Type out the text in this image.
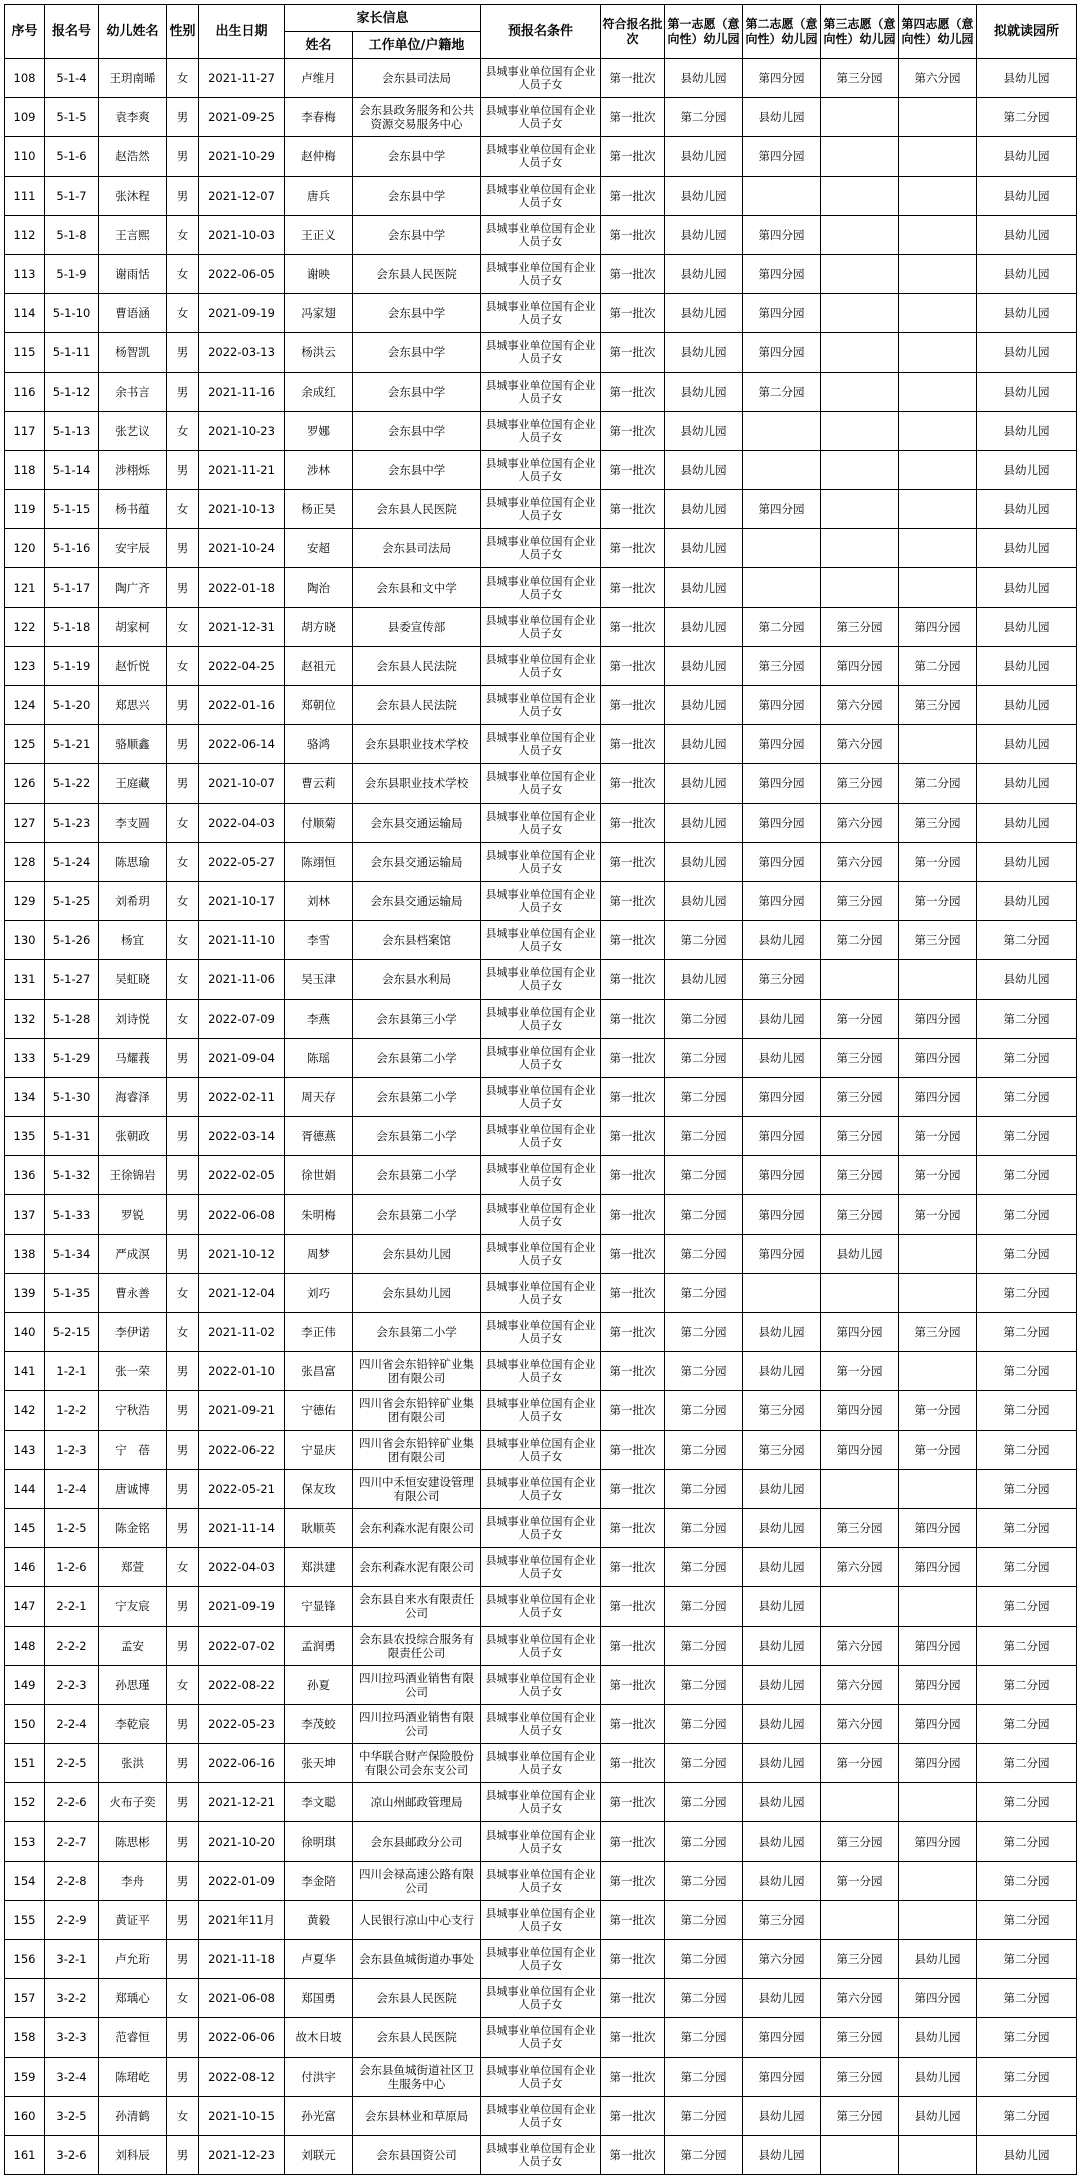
序号	报名号	幼儿姓名	性别	出生日期	家长信息		预报名条件	符合报名批次	第一志愿（意向性）幼儿园	第二志愿（意向性）幼儿园	第三志愿（意向性）幼儿园	第四志愿（意向性）幼儿园	拟就读园所
					姓名	工作单位/户籍地							
108	5-1-4	王玥南晞	女	2021-11-27	卢维月	会东县司法局	县城事业单位国有企业人员子女	第一批次	县幼儿园	第四分园	第三分园	第六分园	县幼儿园
109	5-1-5	袁李爽	男	2021-09-25	李春梅	会东县政务服务和公共资源交易服务中心	县城事业单位国有企业人员子女	第一批次	第二分园	县幼儿园			第二分园
110	5-1-6	赵浩然	男	2021-10-29	赵仲梅	会东县中学	县城事业单位国有企业人员子女	第一批次	县幼儿园	第四分园			县幼儿园
111	5-1-7	张沐程	男	2021-12-07	唐兵	会东县中学	县城事业单位国有企业人员子女	第一批次	县幼儿园				县幼儿园
112	5-1-8	王言熙	女	2021-10-03	王正义	会东县中学	县城事业单位国有企业人员子女	第一批次	县幼儿园	第四分园			县幼儿园
113	5-1-9	谢雨恬	女	2022-06-05	谢映	会东县人民医院	县城事业单位国有企业人员子女	第一批次	县幼儿园	第四分园			县幼儿园
114	5-1-10	曹语涵	女	2021-09-19	冯家翅	会东县中学	县城事业单位国有企业人员子女	第一批次	县幼儿园	第四分园			县幼儿园
115	5-1-11	杨智凯	男	2022-03-13	杨洪云	会东县中学	县城事业单位国有企业人员子女	第一批次	县幼儿园	第四分园			县幼儿园
116	5-1-12	余书言	男	2021-11-16	余成红	会东县中学	县城事业单位国有企业人员子女	第一批次	县幼儿园	第二分园			县幼儿园
117	5-1-13	张艺议	女	2021-10-23	罗娜	会东县中学	县城事业单位国有企业人员子女	第一批次	县幼儿园				县幼儿园
118	5-1-14	涉栩烁	男	2021-11-21	涉林	会东县中学	县城事业单位国有企业人员子女	第一批次	县幼儿园				县幼儿园
119	5-1-15	杨书蕴	女	2021-10-13	杨正昊	会东县人民医院	县城事业单位国有企业人员子女	第一批次	县幼儿园	第四分园			县幼儿园
120	5-1-16	安宇辰	男	2021-10-24	安超	会东县司法局	县城事业单位国有企业人员子女	第一批次	县幼儿园				县幼儿园
121	5-1-17	陶广齐	男	2022-01-18	陶治	会东县和文中学	县城事业单位国有企业人员子女	第一批次	县幼儿园				县幼儿园
122	5-1-18	胡家柯	女	2021-12-31	胡方晓	县委宣传部	县城事业单位国有企业人员子女	第一批次	县幼儿园	第二分园	第三分园	第四分园	县幼儿园
123	5-1-19	赵忻悦	女	2022-04-25	赵祖元	会东县人民法院	县城事业单位国有企业人员子女	第一批次	县幼儿园	第三分园	第四分园	第二分园	县幼儿园
124	5-1-20	郑思兴	男	2022-01-16	郑朝位	会东县人民法院	县城事业单位国有企业人员子女	第一批次	县幼儿园	第四分园	第六分园	第三分园	县幼儿园
125	5-1-21	骆顺鑫	男	2022-06-14	骆鸿	会东县职业技术学校	县城事业单位国有企业人员子女	第一批次	县幼儿园	第四分园	第六分园		县幼儿园
126	5-1-22	王庭藏	男	2021-10-07	曹云莉	会东县职业技术学校	县城事业单位国有企业人员子女	第一批次	县幼儿园	第四分园	第三分园	第二分园	县幼儿园
127	5-1-23	李支圆	女	2022-04-03	付顺菊	会东县交通运输局	县城事业单位国有企业人员子女	第一批次	县幼儿园	第四分园	第六分园	第三分园	县幼儿园
128	5-1-24	陈思瑜	女	2022-05-27	陈翊恒	会东县交通运输局	县城事业单位国有企业人员子女	第一批次	县幼儿园	第四分园	第六分园	第一分园	县幼儿园
129	5-1-25	刘希玥	女	2021-10-17	刘林	会东县交通运输局	县城事业单位国有企业人员子女	第一批次	县幼儿园	第四分园	第三分园	第一分园	县幼儿园
130	5-1-26	杨宜	女	2021-11-10	李雪	会东县档案馆	县城事业单位国有企业人员子女	第一批次	第二分园	县幼儿园	第二分园	第三分园	第二分园
131	5-1-27	吴虹晓	女	2021-11-06	吴玉津	会东县水利局	县城事业单位国有企业人员子女	第一批次	县幼儿园	第三分园			县幼儿园
132	5-1-28	刘诗悦	女	2022-07-09	李燕	会东县第三小学	县城事业单位国有企业人员子女	第一批次	第二分园	县幼儿园	第一分园	第四分园	第二分园
133	5-1-29	马耀莪	男	2021-09-04	陈瑶	会东县第二小学	县城事业单位国有企业人员子女	第一批次	第二分园	县幼儿园	第三分园	第四分园	第二分园
134	5-1-30	海睿泽	男	2022-02-11	周天存	会东县第二小学	县城事业单位国有企业人员子女	第一批次	第二分园	第四分园	第三分园	第四分园	第二分园
135	5-1-31	张朝政	男	2022-03-14	胥德燕	会东县第二小学	县城事业单位国有企业人员子女	第一批次	第二分园	第四分园	第三分园	第一分园	第二分园
136	5-1-32	王徐锦岩	男	2022-02-05	徐世娟	会东县第二小学	县城事业单位国有企业人员子女	第一批次	第二分园	第四分园	第三分园	第一分园	第二分园
137	5-1-33	罗锐	男	2022-06-08	朱明梅	会东县第二小学	县城事业单位国有企业人员子女	第一批次	第二分园	第四分园	第三分园	第一分园	第二分园
138	5-1-34	严成溟	男	2021-10-12	周梦	会东县幼儿园	县城事业单位国有企业人员子女	第一批次	第二分园	第四分园	县幼儿园		第二分园
139	5-1-35	曹永善	女	2021-12-04	刘巧	会东县幼儿园	县城事业单位国有企业人员子女	第一批次	第二分园				第二分园
140	5-2-15	李伊诺	女	2021-11-02	李正伟	会东县第二小学	县城事业单位国有企业人员子女	第一批次	第二分园	县幼儿园	第四分园	第三分园	第二分园
141	1-2-1	张一荣	男	2022-01-10	张昌富	四川省会东铅锌矿业集团有限公司	县城事业单位国有企业人员子女	第一批次	第二分园	县幼儿园	第一分园		第二分园
142	1-2-2	宁秋浩	男	2021-09-21	宁德佑	四川省会东铅锌矿业集团有限公司	县城事业单位国有企业人员子女	第一批次	第二分园	第三分园	第四分园	第一分园	第二分园
143	1-2-3	宁　蓓	男	2022-06-22	宁显庆	四川省会东铅锌矿业集团有限公司	县城事业单位国有企业人员子女	第一批次	第二分园	第三分园	第四分园	第一分园	第二分园
144	1-2-4	唐诚博	男	2022-05-21	保友玫	四川中禾恒安建设管理有限公司	县城事业单位国有企业人员子女	第一批次	第二分园	县幼儿园			第二分园
145	1-2-5	陈金铭	男	2021-11-14	耿顺英	会东利森水泥有限公司	县城事业单位国有企业人员子女	第一批次	第二分园	县幼儿园	第三分园	第四分园	第二分园
146	1-2-6	郑萱	女	2022-04-03	郑洪建	会东利森水泥有限公司	县城事业单位国有企业人员子女	第一批次	第二分园	县幼儿园	第六分园	第四分园	第二分园
147	2-2-1	宁友宸	男	2021-09-19	宁显锋	会东县自来水有限责任公司	县城事业单位国有企业人员子女	第一批次	第二分园	县幼儿园			第二分园
148	2-2-2	孟安	男	2022-07-02	孟润勇	会东县农投综合服务有限责任公司	县城事业单位国有企业人员子女	第一批次	第二分园	县幼儿园	第六分园	第四分园	第二分园
149	2-2-3	孙思瑾	女	2022-08-22	孙夏	四川拉玛酒业销售有限公司	县城事业单位国有企业人员子女	第一批次	第二分园	县幼儿园	第六分园	第四分园	第二分园
150	2-2-4	李乾宸	男	2022-05-23	李茂蛟	四川拉玛酒业销售有限公司	县城事业单位国有企业人员子女	第一批次	第二分园	县幼儿园	第六分园	第四分园	第二分园
151	2-2-5	张洪	男	2022-06-16	张天坤	中华联合财产保险股份有限公司会东支公司	县城事业单位国有企业人员子女	第一批次	第二分园	县幼儿园	第一分园	第四分园	第二分园
152	2-2-6	火布子奕	男	2021-12-21	李文聪	凉山州邮政管理局	县城事业单位国有企业人员子女	第一批次	第二分园	县幼儿园			第二分园
153	2-2-7	陈思彬	男	2021-10-20	徐明琪	会东县邮政分公司	县城事业单位国有企业人员子女	第一批次	第二分园	县幼儿园	第三分园	第四分园	第二分园
154	2-2-8	李舟	男	2022-01-09	李金陪	四川会禄高速公路有限公司	县城事业单位国有企业人员子女	第一批次	第二分园	县幼儿园	第一分园		第二分园
155	2-2-9	黄证平	男	2021年11月	黄毅	人民银行凉山中心支行	县城事业单位国有企业人员子女	第一批次	第二分园	第三分园			第二分园
156	3-2-1	卢允珩	男	2021-11-18	卢夏华	会东县鱼城街道办事处	县城事业单位国有企业人员子女	第一批次	第二分园	第六分园	第三分园	县幼儿园	第二分园
157	3-2-2	郑瑀心	女	2021-06-08	郑国勇	会东县人民医院	县城事业单位国有企业人员子女	第一批次	第二分园	县幼儿园	第六分园	第四分园	第二分园
158	3-2-3	范睿恒	男	2022-06-06	故木日坡	会东县人民医院	县城事业单位国有企业人员子女	第一批次	第二分园	第四分园	第三分园	县幼儿园	第二分园
159	3-2-4	陈珺屹	男	2022-08-12	付洪宇	会东县鱼城街道社区卫生服务中心	县城事业单位国有企业人员子女	第一批次	第二分园	第四分园	第三分园	县幼儿园	第二分园
160	3-2-5	孙清鹤	女	2021-10-15	孙光富	会东县林业和草原局	县城事业单位国有企业人员子女	第一批次	第二分园	县幼儿园	第三分园	县幼儿园	第二分园
161	3-2-6	刘科辰	男	2021-12-23	刘联元	会东县国资公司	县城事业单位国有企业人员子女	第一批次	第二分园	县幼儿园			县幼儿园
